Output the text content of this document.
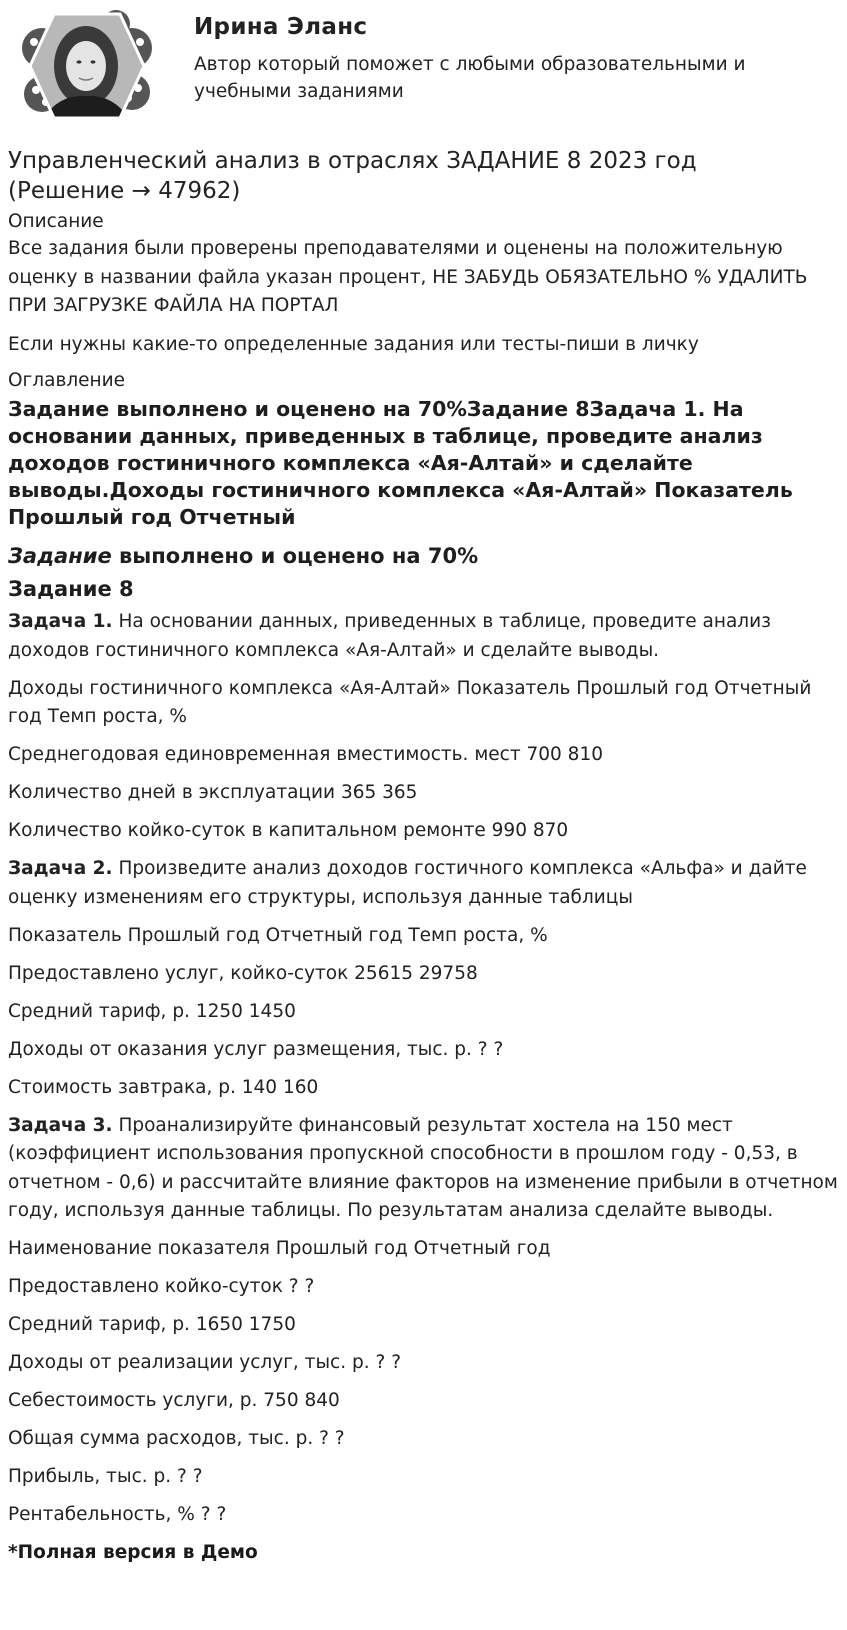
Ирина Эланс
Автор который поможет с любыми образовательными и учебными заданиями
Управленческий анализ в отраслях ЗАДАНИЕ 8 2023 год (Решение → 47962)
Описание

Все задания были проверены преподавателями и оценены на положительную оценку в названии файла указан процент, НЕ ЗАБУДЬ ОБЯЗАТЕЛЬНО % УДАЛИТЬ ПРИ ЗАГРУЗКЕ ФАЙЛА НА ПОРТАЛ

Если нужны какие-то определенные задания или тесты-пиши в личку

Оглавление
Задание выполнено и оценено на 70%Задание 8Задача 1. На основании данных, приведенных в таблице, проведите анализ доходов гостиничного комплекса «Ая-Алтай» и сделайте выводы.Доходы гостиничного комплекса «Ая-Алтай» Показатель Прошлый год Отчетный
Задание выполнено и оценено на 70%
Задание 8

Задача 1. На основании данных, приведенных в таблице, проведите анализ доходов гостиничного комплекса «Ая-Алтай» и сделайте выводы.

Доходы гостиничного комплекса «Ая-Алтай» Показатель Прошлый год Отчетный год Темп роста, %

Среднегодовая единовременная вместимость. мест 700 810

Количество дней в эксплуатации 365 365

Количество койко-суток в капитальном ремонте 990 870

Задача 2. Произведите анализ доходов гостичного комплекса «Альфа» и дайте оценку изменениям его структуры, используя данные таблицы

Показатель Прошлый год Отчетный год Темп роста, %

Предоставлено услуг, койко-суток 25615 29758

Средний тариф, р. 1250 1450

Доходы от оказания услуг размещения, тыс. р. ? ?

Стоимость завтрака, р. 140 160

Задача 3. Проанализируйте финансовый результат хостела на 150 мест (коэффициент использования пропускной способности в прошлом году - 0,53, в отчетном - 0,6) и рассчитайте влияние факторов на изменение прибыли в отчетном году, используя данные таблицы. По результатам анализа сделайте выводы.

Наименование показателя Прошлый год Отчетный год

Предоставлено койко-суток ? ?

Средний тариф, р. 1650 1750

Доходы от реализации услуг, тыс. р. ? ?

Себестоимость услуги, р. 750 840

Общая сумма расходов, тыс. р. ? ?

Прибыль, тыс. р. ? ?

Рентабельность, % ? ?

*Полная версия в Демо
